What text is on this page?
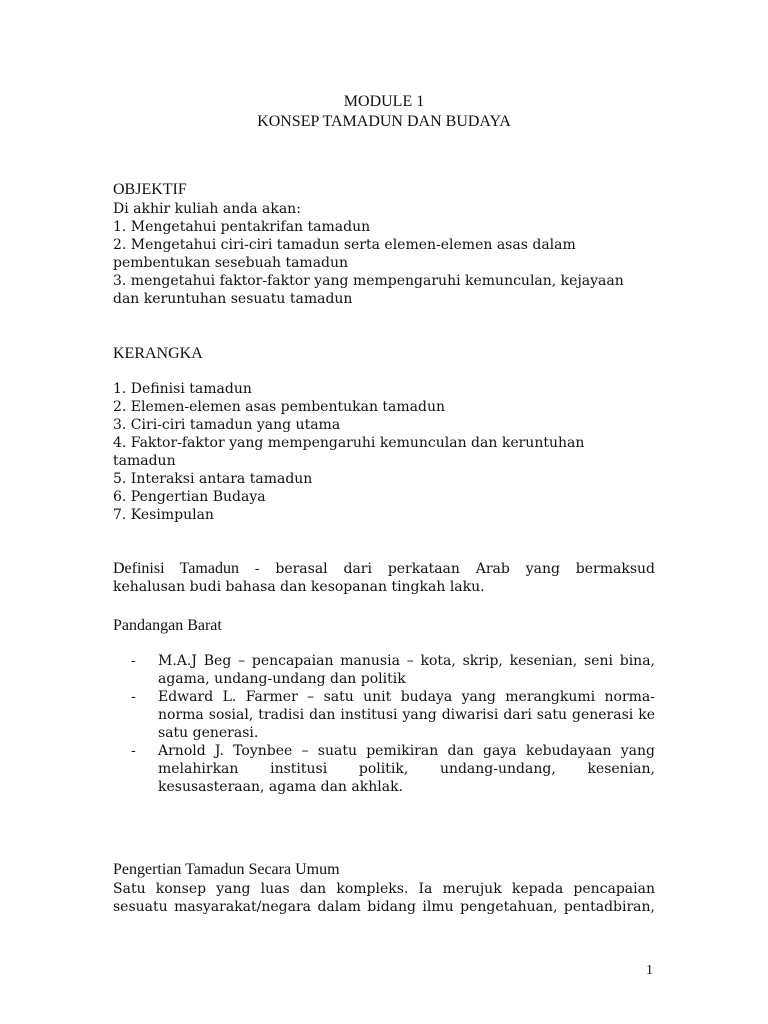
MODULE 1
KONSEP TAMADUN DAN BUDAYA
OBJEKTIF
Di akhir kuliah anda akan:
1. Mengetahui pentakrifan tamadun
2. Mengetahui ciri-ciri tamadun serta elemen-elemen asas dalam
pembentukan sesebuah tamadun
3. mengetahui faktor-faktor yang mempengaruhi kemunculan, kejayaan
dan keruntuhan sesuatu tamadun
KERANGKA
1. Definisi tamadun
2. Elemen-elemen asas pembentukan tamadun
3. Ciri-ciri tamadun yang utama
4. Faktor-faktor yang mempengaruhi kemunculan dan keruntuhan
tamadun
5. Interaksi antara tamadun
6. Pengertian Budaya
7. Kesimpulan
Definisi Tamadun - berasal dari perkataan Arab yang bermaksud
kehalusan budi bahasa dan kesopanan tingkah laku.
Pandangan Barat
- M.A.J Beg – pencapaian manusia – kota, skrip, kesenian, seni bina,
agama, undang-undang dan politik
- Edward L. Farmer – satu unit budaya yang merangkumi norma-
norma sosial, tradisi dan institusi yang diwarisi dari satu generasi ke
satu generasi.
- Arnold J. Toynbee – suatu pemikiran dan gaya kebudayaan yang
melahirkan institusi politik, undang-undang, kesenian,
kesusasteraan, agama dan akhlak.
Pengertian Tamadun Secara Umum
Satu konsep yang luas dan kompleks. Ia merujuk kepada pencapaian
sesuatu masyarakat/negara dalam bidang ilmu pengetahuan, pentadbiran,
1
